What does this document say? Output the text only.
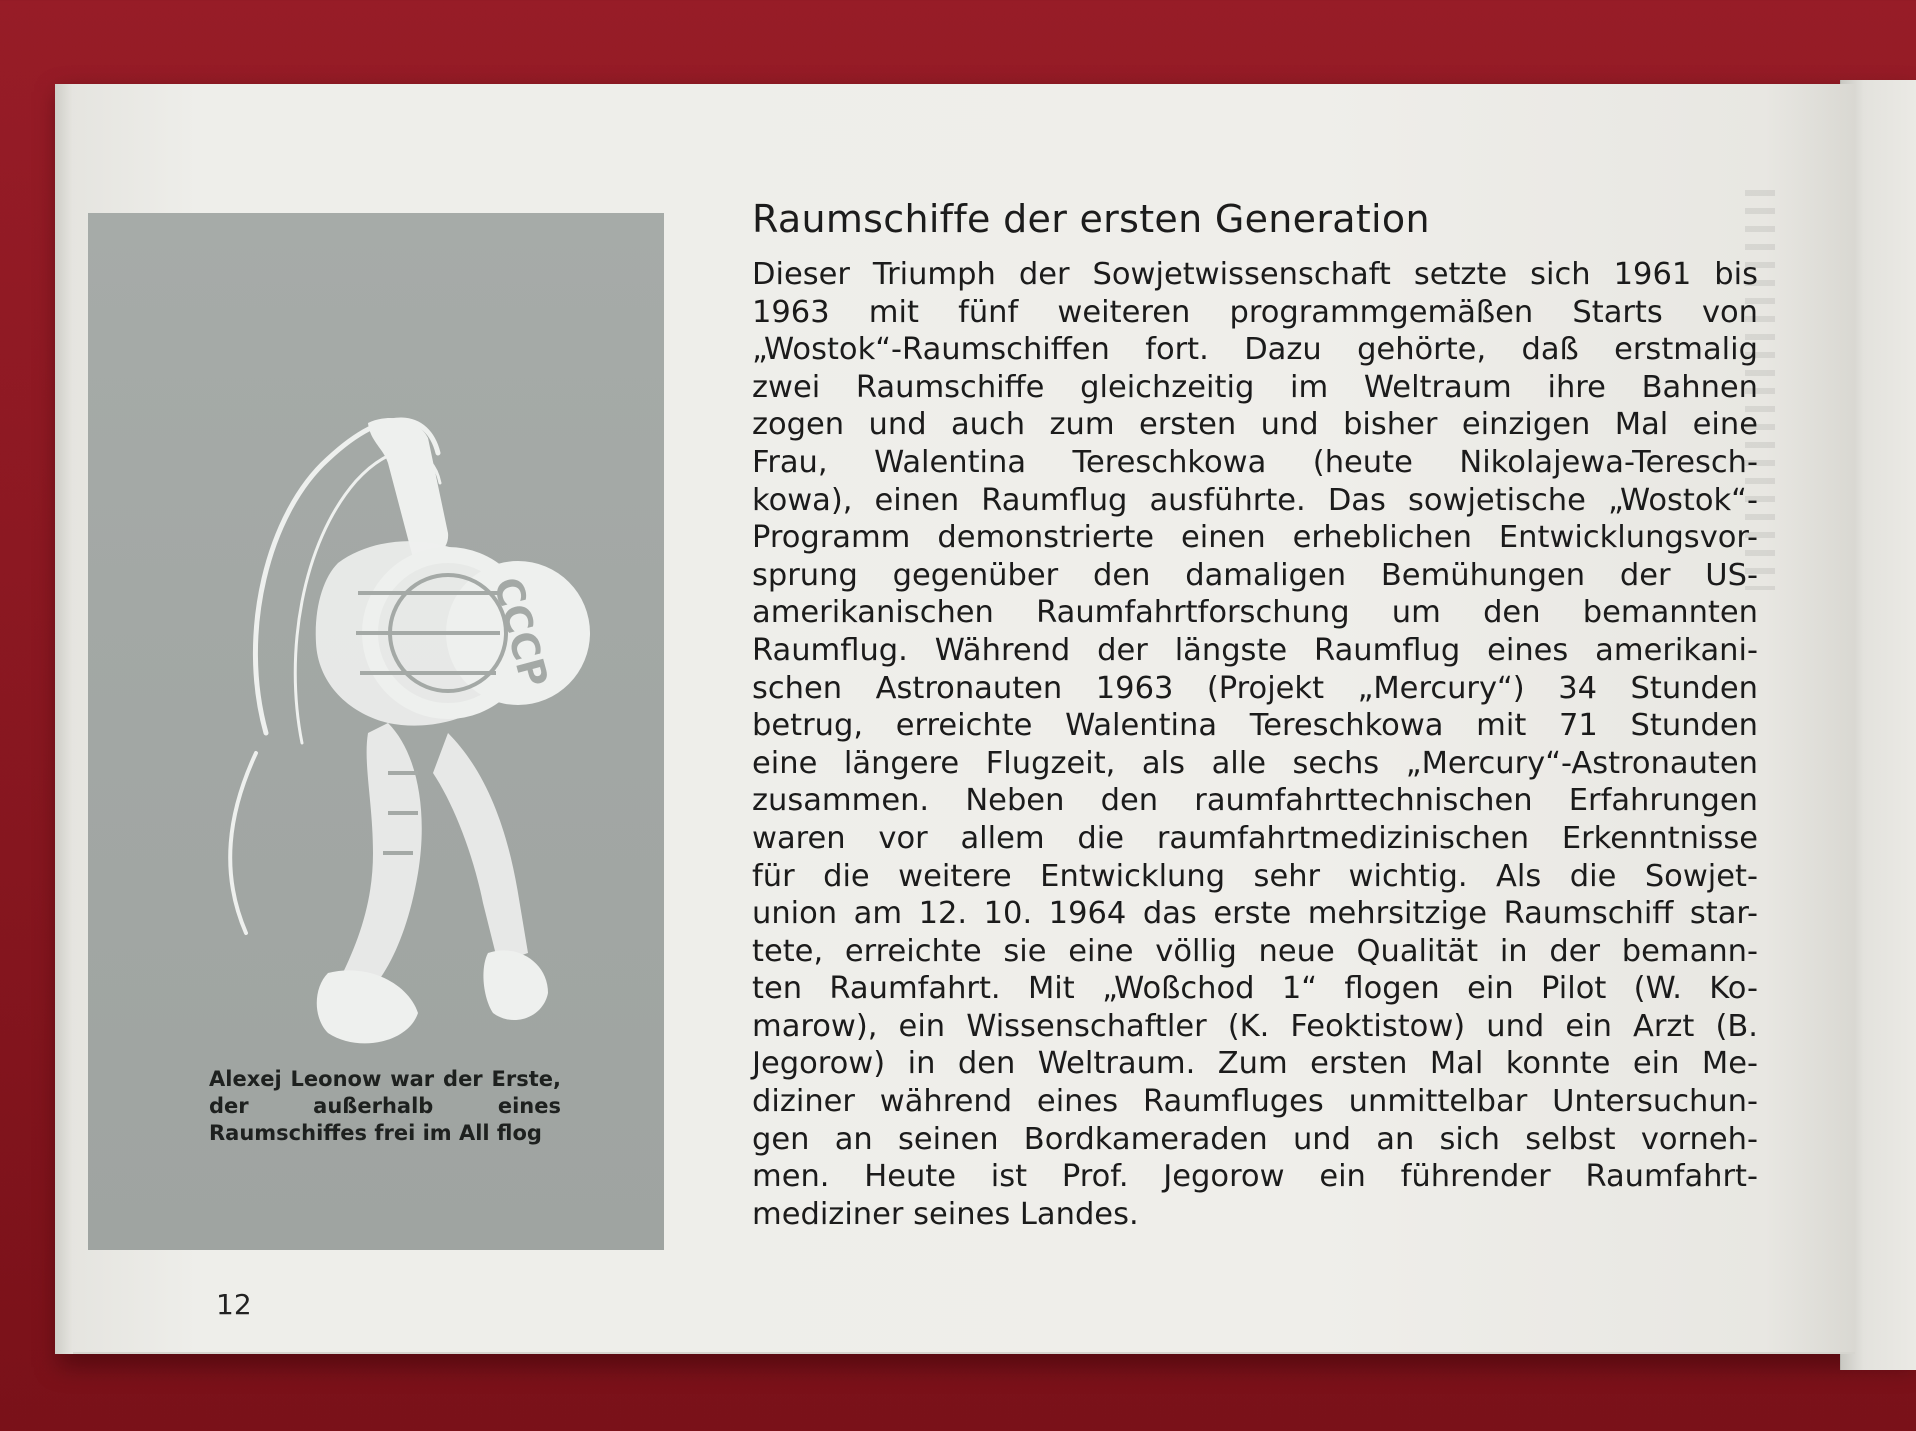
СССР
Alexej Leonow war der Erste, der außerhalb eines Raumschiffes frei im All flog
Raumschiffe der ersten Generation
Dieser Triumph der Sowjetwissenschaft setzte sich 1961 bis
1963 mit fünf weiteren programmgemäßen Starts von
„Wostok“-Raumschiffen fort. Dazu gehörte, daß erstmalig
zwei Raumschiffe gleichzeitig im Weltraum ihre Bahnen
zogen und auch zum ersten und bisher einzigen Mal eine
Frau, Walentina Tereschkowa (heute Nikolajewa-Teresch-
kowa), einen Raumflug ausführte. Das sowjetische „Wostok“-
Programm demonstrierte einen erheblichen Entwicklungsvor-
sprung gegenüber den damaligen Bemühungen der US-
amerikanischen Raumfahrtforschung um den bemannten
Raumflug. Während der längste Raumflug eines amerikani-
schen Astronauten 1963 (Projekt „Mercury“) 34 Stunden
betrug, erreichte Walentina Tereschkowa mit 71 Stunden
eine längere Flugzeit, als alle sechs „Mercury“-Astronauten
zusammen. Neben den raumfahrttechnischen Erfahrungen
waren vor allem die raumfahrtmedizinischen Erkenntnisse
für die weitere Entwicklung sehr wichtig. Als die Sowjet-
union am 12. 10. 1964 das erste mehrsitzige Raumschiff star-
tete, erreichte sie eine völlig neue Qualität in der bemann-
ten Raumfahrt. Mit „Woßchod 1“ flogen ein Pilot (W. Ko-
marow), ein Wissenschaftler (K. Feoktistow) und ein Arzt (B.
Jegorow) in den Weltraum. Zum ersten Mal konnte ein Me-
diziner während eines Raumfluges unmittelbar Untersuchun-
gen an seinen Bordkameraden und an sich selbst vorneh-
men. Heute ist Prof. Jegorow ein führender Raumfahrt-
mediziner seines Landes.
12
